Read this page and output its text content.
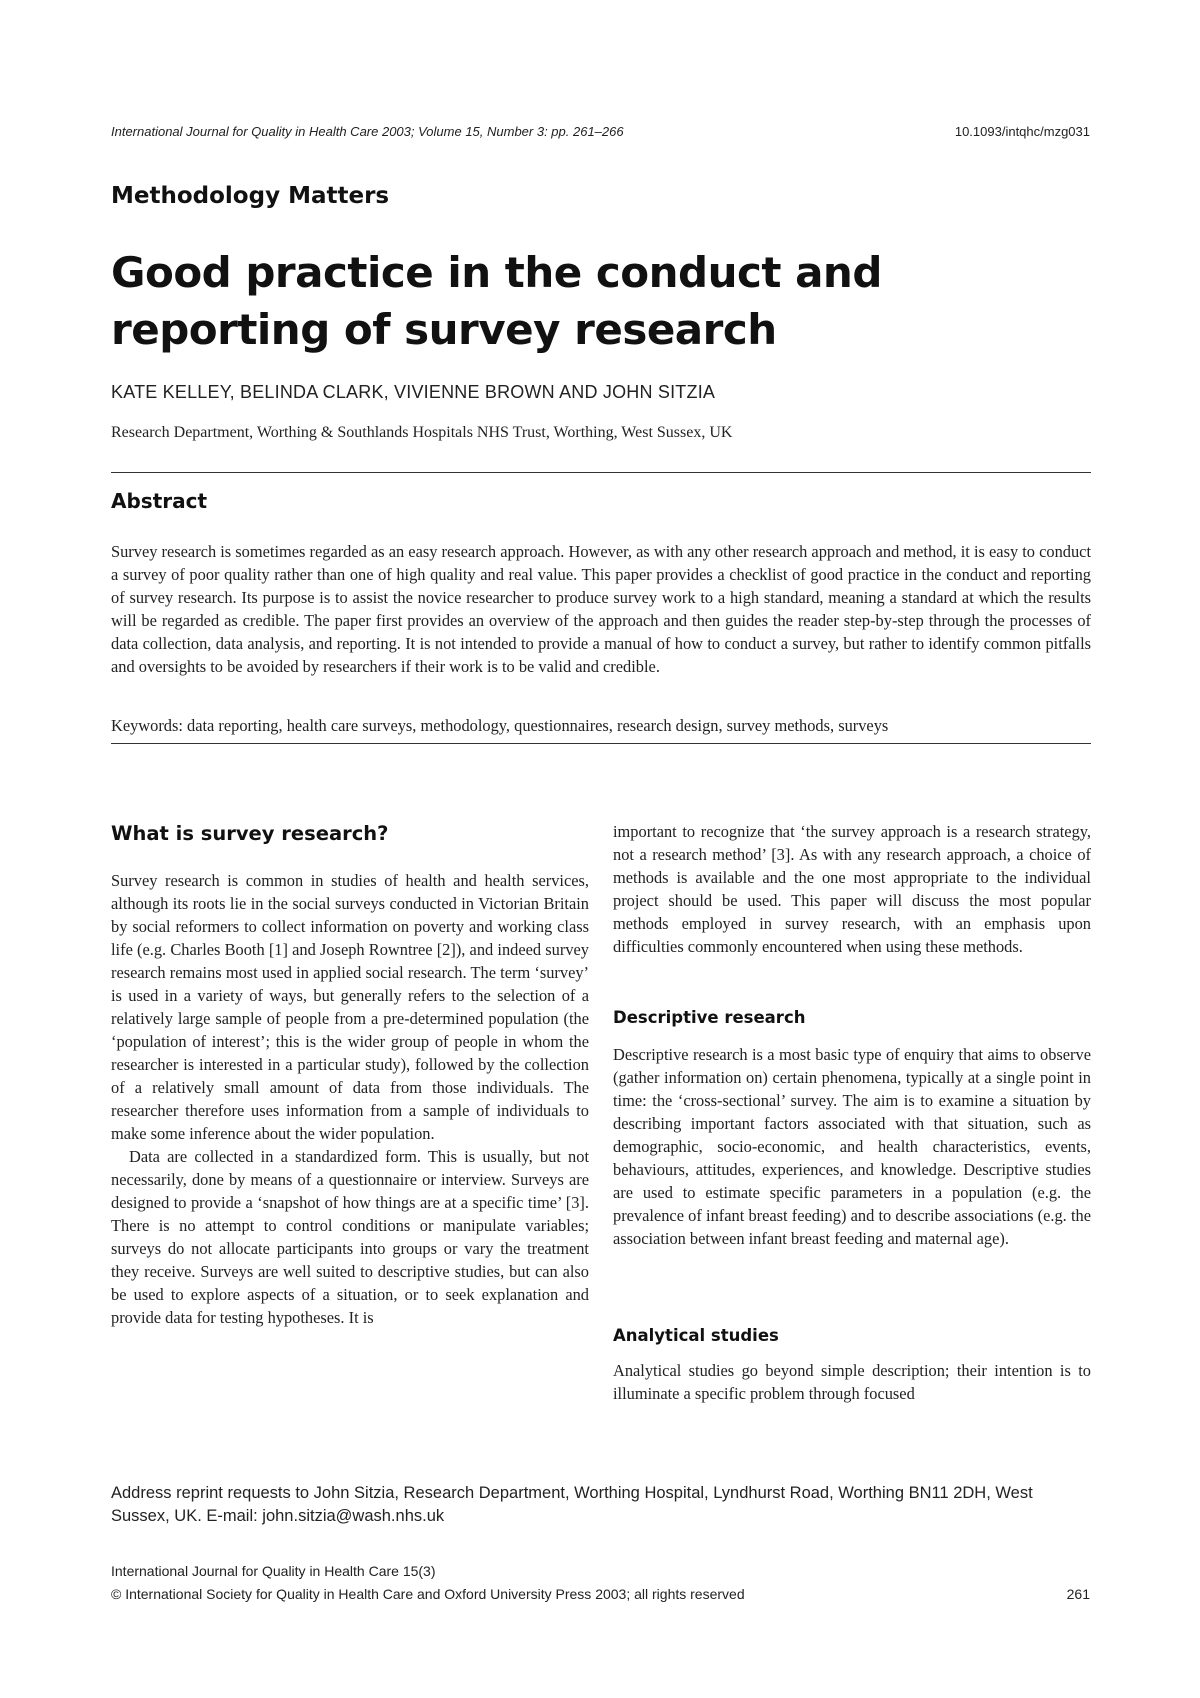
International Journal for Quality in Health Care 2003; Volume 15, Number 3: pp. 261–266	10.1093/intqhc/mzg031
Methodology Matters
Good practice in the conduct and
reporting of survey research
KATE KELLEY, BELINDA CLARK, VIVIENNE BROWN AND JOHN SITZIA
Research Department, Worthing & Southlands Hospitals NHS Trust, Worthing, West Sussex, UK
Abstract
Survey research is sometimes regarded as an easy research approach. However, as with any other research approach and method, it is easy to conduct a survey of poor quality rather than one of high quality and real value. This paper provides a checklist of good practice in the conduct and reporting of survey research. Its purpose is to assist the novice researcher to produce survey work to a high standard, meaning a standard at which the results will be regarded as credible. The paper first provides an overview of the approach and then guides the reader step-by-step through the processes of data collection, data analysis, and reporting. It is not intended to provide a manual of how to conduct a survey, but rather to identify common pitfalls and oversights to be avoided by researchers if their work is to be valid and credible.
Keywords: data reporting, health care surveys, methodology, questionnaires, research design, survey methods, surveys
What is survey research?

Survey research is common in studies of health and health services, although its roots lie in the social surveys conducted in Victorian Britain by social reformers to collect information on poverty and working class life (e.g. Charles Booth [1] and Joseph Rowntree [2]), and indeed survey research remains most used in applied social research. The term ‘survey’ is used in a variety of ways, but generally refers to the selection of a relatively large sample of people from a pre-determined population (the ‘population of interest’; this is the wider group of people in whom the researcher is interested in a particular study), followed by the collection of a relatively small amount of data from those individuals. The researcher therefore uses information from a sample of individuals to make some inference about the wider population.

Data are collected in a standardized form. This is usually, but not necessarily, done by means of a questionnaire or interview. Surveys are designed to provide a ‘snapshot of how things are at a specific time’ [3]. There is no attempt to control conditions or manipulate variables; surveys do not allocate participants into groups or vary the treatment they receive. Surveys are well suited to descriptive studies, but can also be used to explore aspects of a situation, or to seek explanation and provide data for testing hypotheses. It is

important to recognize that ‘the survey approach is a research strategy, not a research method’ [3]. As with any research approach, a choice of methods is available and the one most appropriate to the individual project should be used. This paper will discuss the most popular methods employed in survey research, with an emphasis upon difficulties commonly encountered when using these methods.

Descriptive research

Descriptive research is a most basic type of enquiry that aims to observe (gather information on) certain phenomena, typically at a single point in time: the ‘cross-sectional’ survey. The aim is to examine a situation by describing important factors associated with that situation, such as demographic, socio-economic, and health characteristics, events, behaviours, attitudes, experiences, and knowledge. Descriptive studies are used to estimate specific parameters in a population (e.g. the prevalence of infant breast feeding) and to describe associations (e.g. the association between infant breast feeding and maternal age).

Analytical studies

Analytical studies go beyond simple description; their intention is to illuminate a specific problem through focused

Address reprint requests to John Sitzia, Research Department, Worthing Hospital, Lyndhurst Road, Worthing BN11 2DH, West Sussex, UK. E-mail: john.sitzia@wash.nhs.uk
International Journal for Quality in Health Care 15(3)
© International Society for Quality in Health Care and Oxford University Press 2003; all rights reserved	261
